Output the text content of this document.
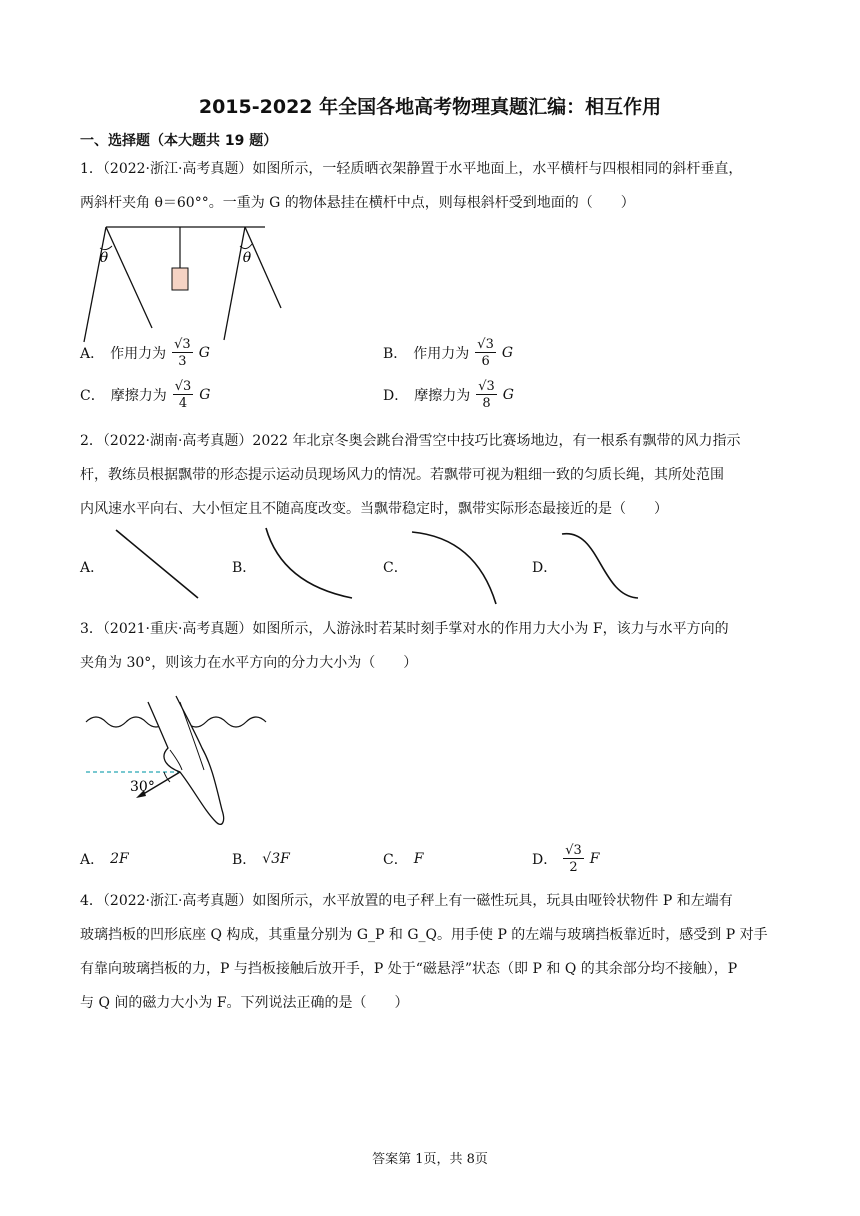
2015-2022 年全国各地高考物理真题汇编：相互作用
一、选择题（本大题共 19 题）
1．（2022·浙江·高考真题）如图所示，一轻质晒衣架静置于水平地面上，水平横杆与四根相同的斜杆垂直，
两斜杆夹角 θ＝60°°。一重为 G 的物体悬挂在横杆中点，则每根斜杆受到地面的（　　）
θ	θ
A． 作用力为 $\frac{√3}{3}$ G	B． 作用力为 $\frac{√3}{6}$ G
C． 摩擦力为 $\frac{√3}{4}$ G	D． 摩擦力为 $\frac{√3}{8}$ G
2．（2022·湖南·高考真题）2022 年北京冬奥会跳台滑雪空中技巧比赛场地边，有一根系有飘带的风力指示
杆，教练员根据飘带的形态提示运动员现场风力的情况。若飘带可视为粗细一致的匀质长绳，其所处范围
内风速水平向右、大小恒定且不随高度改变。当飘带稳定时，飘带实际形态最接近的是（　　）
A．	B．	C．	D．
3．（2021·重庆·高考真题）如图所示，人游泳时若某时刻手掌对水的作用力大小为 F，该力与水平方向的
夹角为 30°，则该力在水平方向的分力大小为（　　）
30°
A． 2F	B． √3F	C． F	D． $\frac{√3}{2}$ F
4．（2022·浙江·高考真题）如图所示，水平放置的电子秤上有一磁性玩具，玩具由哑铃状物件 P 和左端有
玻璃挡板的凹形底座 Q 构成，其重量分别为 G_P 和 G_Q。用手使 P 的左端与玻璃挡板靠近时，感受到 P 对手
有靠向玻璃挡板的力，P 与挡板接触后放开手，P 处于“磁悬浮”状态（即 P 和 Q 的其余部分均不接触），P
与 Q 间的磁力大小为 F。下列说法正确的是（　　）
答案第 1页，共 8页
